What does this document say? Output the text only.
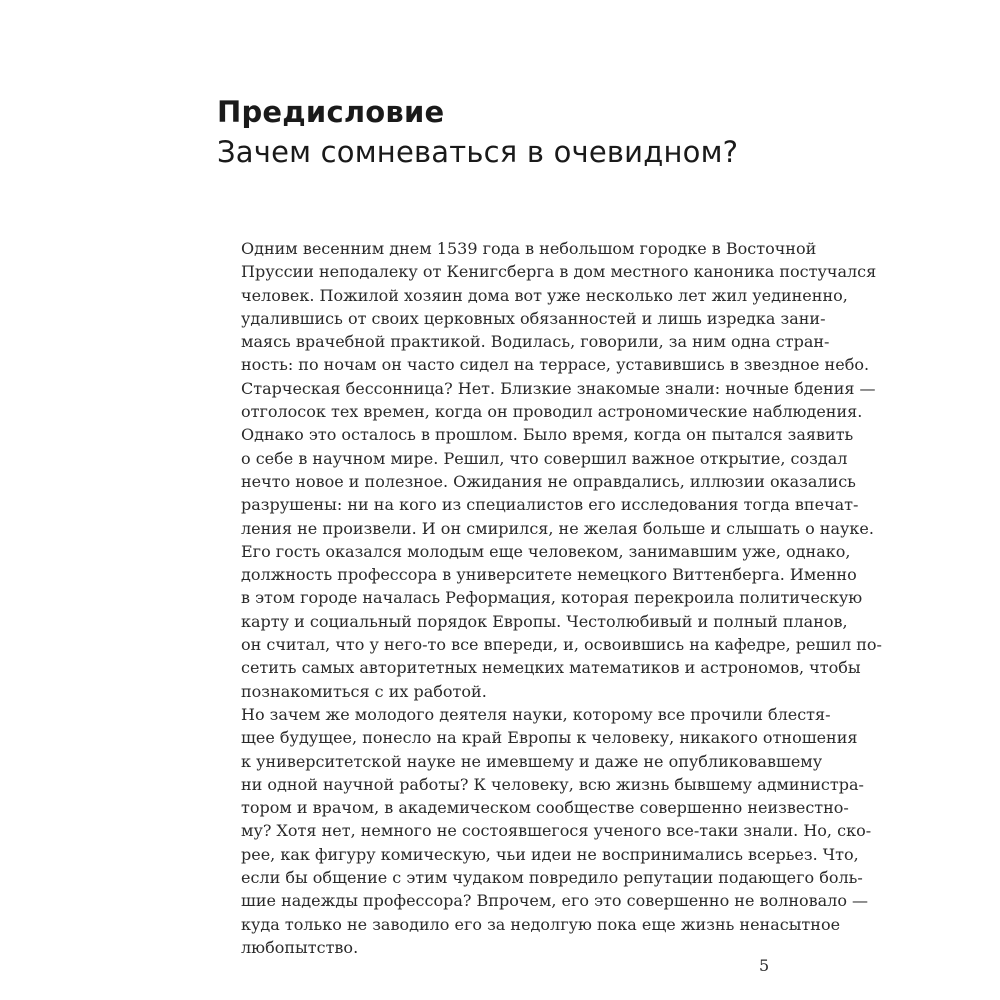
Предисловие
Зачем сомневаться в очевидном?

Одним весенним днем 1539 года в небольшом городке в Восточной
Пруссии неподалеку от Кенигсберга в дом местного каноника постучался
человек. Пожилой хозяин дома вот уже несколько лет жил уединенно,
удалившись от своих церковных обязанностей и лишь изредка зани-
маясь врачебной практикой. Водилась, говорили, за ним одна стран-
ность: по ночам он часто сидел на террасе, уставившись в звездное небо.
Старческая бессонница? Нет. Близкие знакомые знали: ночные бдения —
отголосок тех времен, когда он проводил астрономические наблюдения.
Однако это осталось в прошлом. Было время, когда он пытался заявить
о себе в научном мире. Решил, что совершил важное открытие, создал
нечто новое и полезное. Ожидания не оправдались, иллюзии оказались
разрушены: ни на кого из специалистов его исследования тогда впечат-
ления не произвели. И он смирился, не желая больше и слышать о науке.

Его гость оказался молодым еще человеком, занимавшим уже, однако,
должность профессора в университете немецкого Виттенберга. Именно
в этом городе началась Реформация, которая перекроила политическую
карту и социальный порядок Европы. Честолюбивый и полный планов,
он считал, что у него-то все впереди, и, освоившись на кафедре, решил по-
сетить самых авторитетных немецких математиков и астрономов, чтобы
познакомиться с их работой.

Но зачем же молодого деятеля науки, которому все прочили блестя-
щее будущее, понесло на край Европы к человеку, никакого отношения
к университетской науке не имевшему и даже не опубликовавшему
ни одной научной работы? К человеку, всю жизнь бывшему администра-
тором и врачом, в академическом сообществе совершенно неизвестно-
му? Хотя нет, немного не состоявшегося ученого все-таки знали. Но, ско-
рее, как фигуру комическую, чьи идеи не воспринимались всерьез. Что,
если бы общение с этим чудаком повредило репутации подающего боль-
шие надежды профессора? Впрочем, его это совершенно не волновало —
куда только не заводило его за недолгую пока еще жизнь ненасытное
любопытство.

5
